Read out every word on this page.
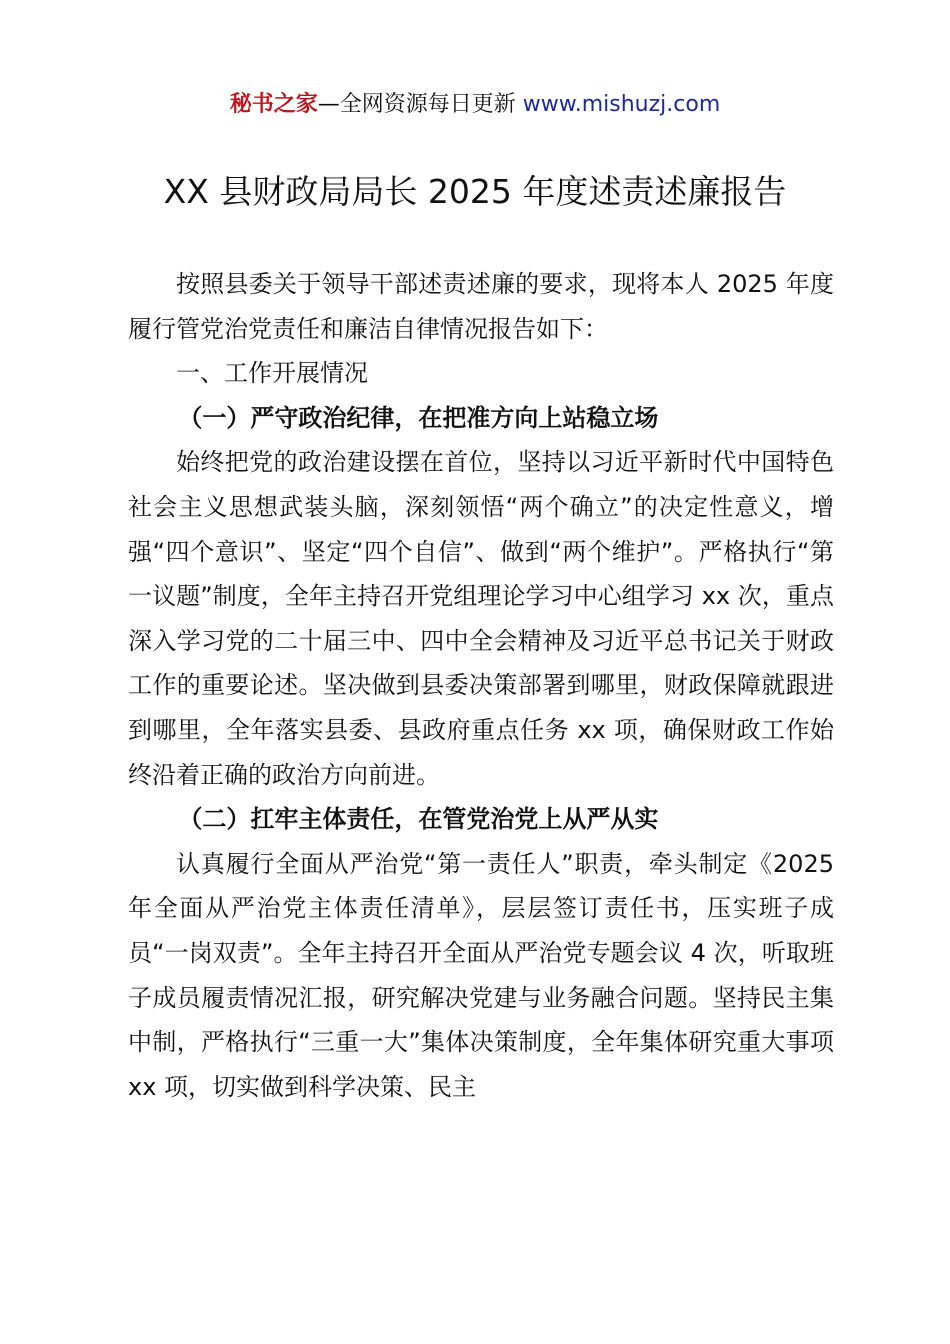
秘书之家—全网资源每日更新 www.mishuzj.com
XX 县财政局局长 2025 年度述责述廉报告

按照县委关于领导干部述责述廉的要求，现将本人 2025 年度履行管党治党责任和廉洁自律情况报告如下：

一、工作开展情况

（一）严守政治纪律，在把准方向上站稳立场

始终把党的政治建设摆在首位，坚持以习近平新时代中国特色社会主义思想武装头脑，深刻领悟“两个确立”的决定性意义，增强“四个意识”、坚定“四个自信”、做到“两个维护”。严格执行“第一议题”制度，全年主持召开党组理论学习中心组学习 xx 次，重点深入学习党的二十届三中、四中全会精神及习近平总书记关于财政工作的重要论述。坚决做到县委决策部署到哪里，财政保障就跟进到哪里，全年落实县委、县政府重点任务 xx 项，确保财政工作始终沿着正确的政治方向前进。

（二）扛牢主体责任，在管党治党上从严从实

认真履行全面从严治党“第一责任人”职责，牵头制定《2025 年全面从严治党主体责任清单》，层层签订责任书，压实班子成员“一岗双责”。全年主持召开全面从严治党专题会议 4 次，听取班子成员履责情况汇报，研究解决党建与业务融合问题。坚持民主集中制，严格执行“三重一大”集体决策制度，全年集体研究重大事项 xx 项，切实做到科学决策、民主
